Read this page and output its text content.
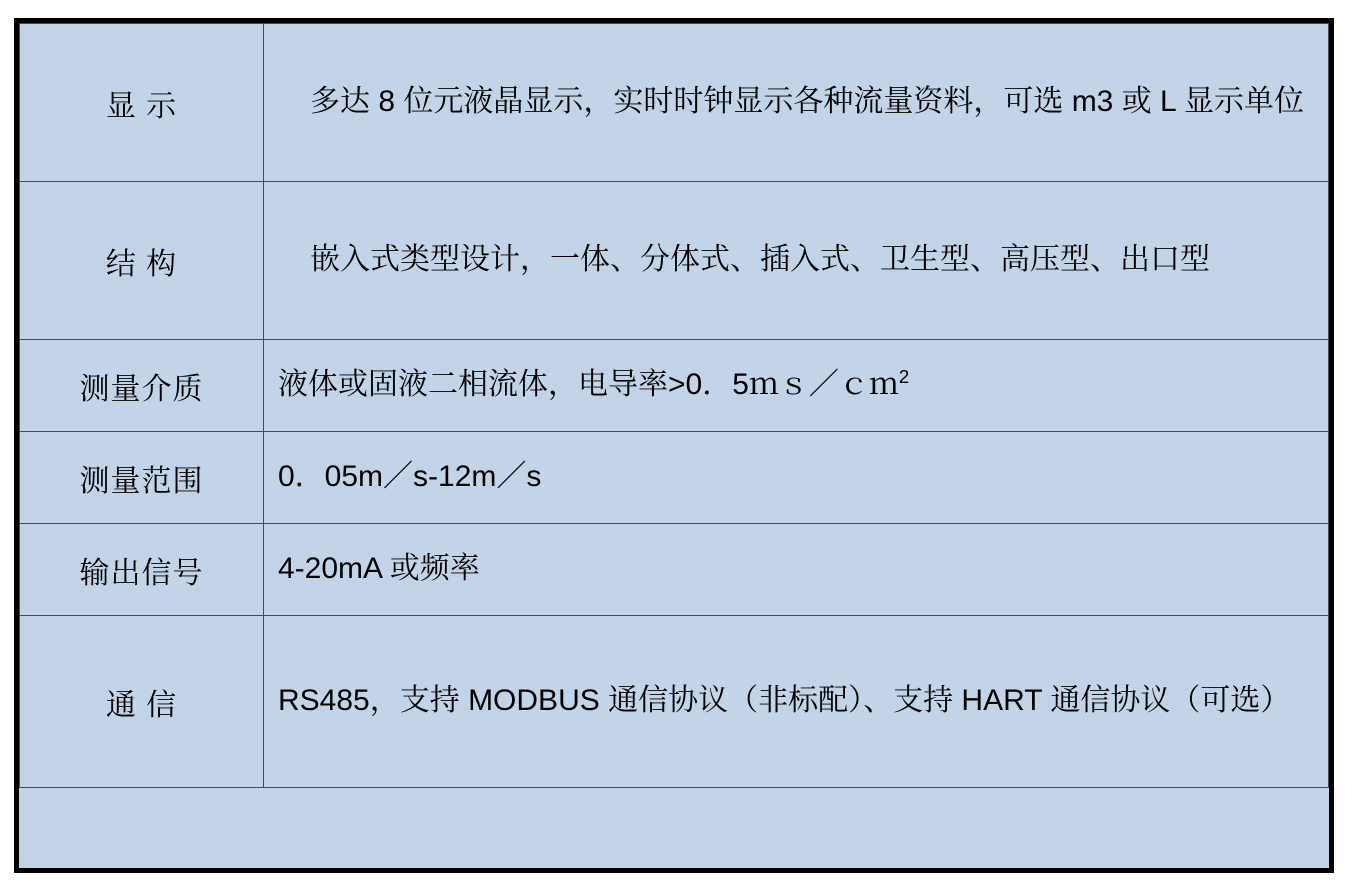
显 示	多达 8 位元液晶显示，实时时钟显示各种流量资料，可选 m3 或 L 显示单位
结 构	嵌入式类型设计，一体、分体式、插入式、卫生型、高压型、出口型
测量介质	液体或固液二相流体，电导率>0．5ｍｓ／ｃｍ$^2$
测量范围	0．05m／s-12m／s
输出信号	4-20mA 或频率
通 信	RS485，支持 MODBUS 通信协议（非标配）、支持 HART 通信协议（可选）
